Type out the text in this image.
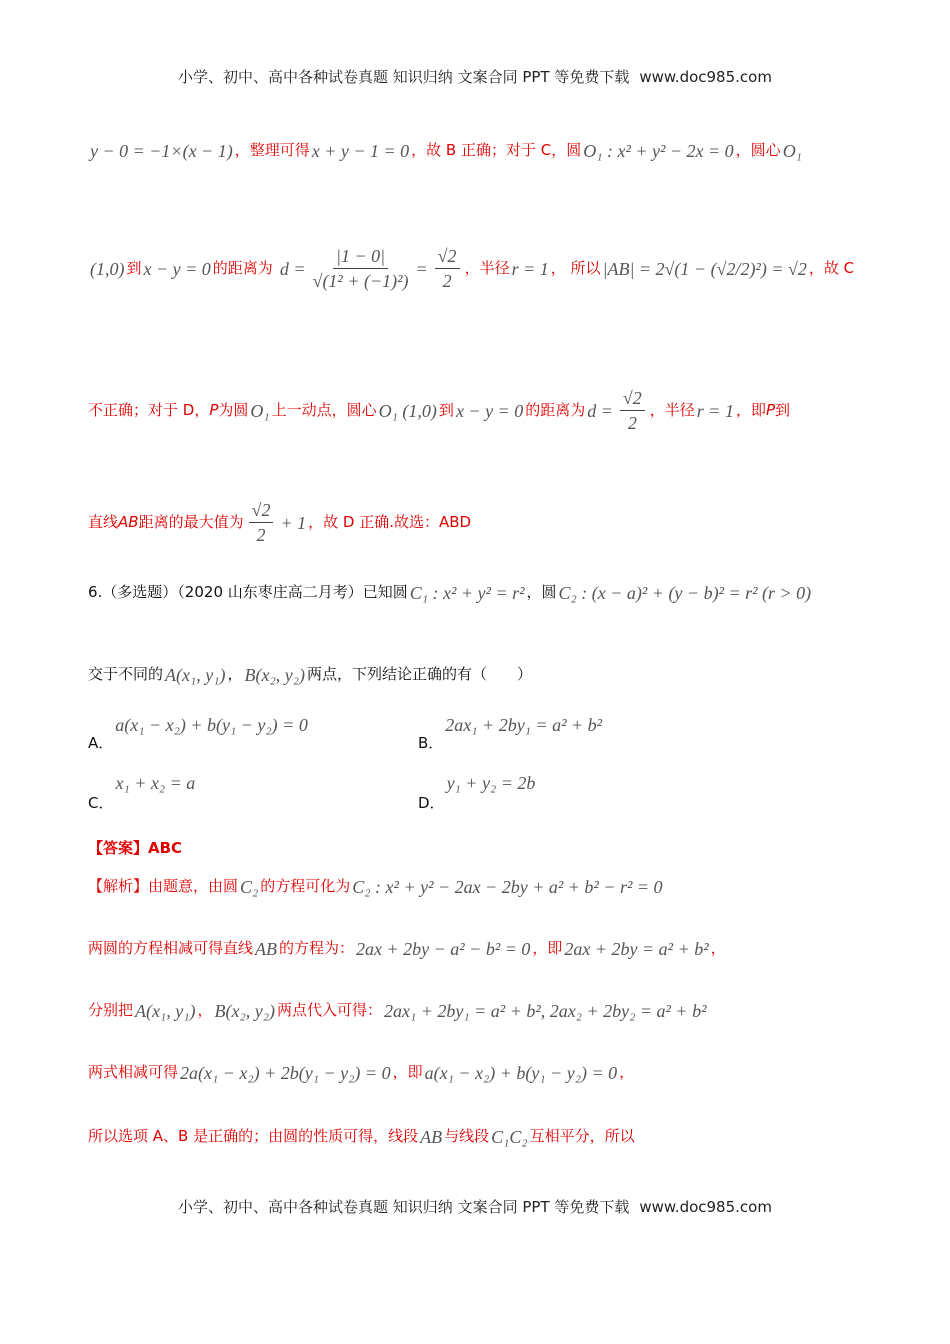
小学、初中、高中各种试卷真题 知识归纳 文案合同 PPT 等免费下载 www.doc985.com
y − 0 = −1×(x − 1) ，整理可得 x + y − 1 = 0 ，故 B 正确；对于 C，圆 O₁ : x² + y² − 2x = 0 ，圆心 O₁
(1,0) 到 x − y = 0 的距离为 $d = \frac{|1 - 0|}{\text{√(1² + (−1)²)}} = \frac{√2}{2}$ ，半径 r = 1 ， 所以 |AB| = 2√(1 − (√2/2)²) = √2 ，故 C
不正确；对于 D，P为圆 O₁ 上一动点，圆心 O₁ (1,0) 到 x − y = 0 的距离为 $d = \frac{√2}{2}$ ，半径 r = 1 ，即P到
直线AB距离的最大值为 $\frac{√2}{2} + 1$ ，故 D 正确.故选：ABD
6.（多选题）（2020 山东枣庄高二月考）已知圆 C₁ : x² + y² = r² ，圆 C₂ : (x − a)² + (y − b)² = r² (r > 0)
交于不同的 A(x₁, y₁) ， B(x₂, y₂) 两点，下列结论正确的有（　　）
A．a(x₁ − x₂) + b(y₁ − y₂) = 0
B．2ax₁ + 2by₁ = a² + b²
C．x₁ + x₂ = a
D．y₁ + y₂ = 2b
【答案】ABC
【解析】由题意，由圆 C₂ 的方程可化为 C₂ : x² + y² − 2ax − 2by + a² + b² − r² = 0
两圆的方程相减可得直线 AB 的方程为： 2ax + 2by − a² − b² = 0 ，即 2ax + 2by = a² + b² ，
分别把 A(x₁, y₁) ， B(x₂, y₂) 两点代入可得： 2ax₁ + 2by₁ = a² + b², 2ax₂ + 2by₂ = a² + b²
两式相减可得 2a(x₁ − x₂) + 2b(y₁ − y₂) = 0 ，即 a(x₁ − x₂) + b(y₁ − y₂) = 0 ，
所以选项 A、B 是正确的；由圆的性质可得，线段 AB 与线段 C₁C₂ 互相平分，所以
小学、初中、高中各种试卷真题 知识归纳 文案合同 PPT 等免费下载 www.doc985.com
